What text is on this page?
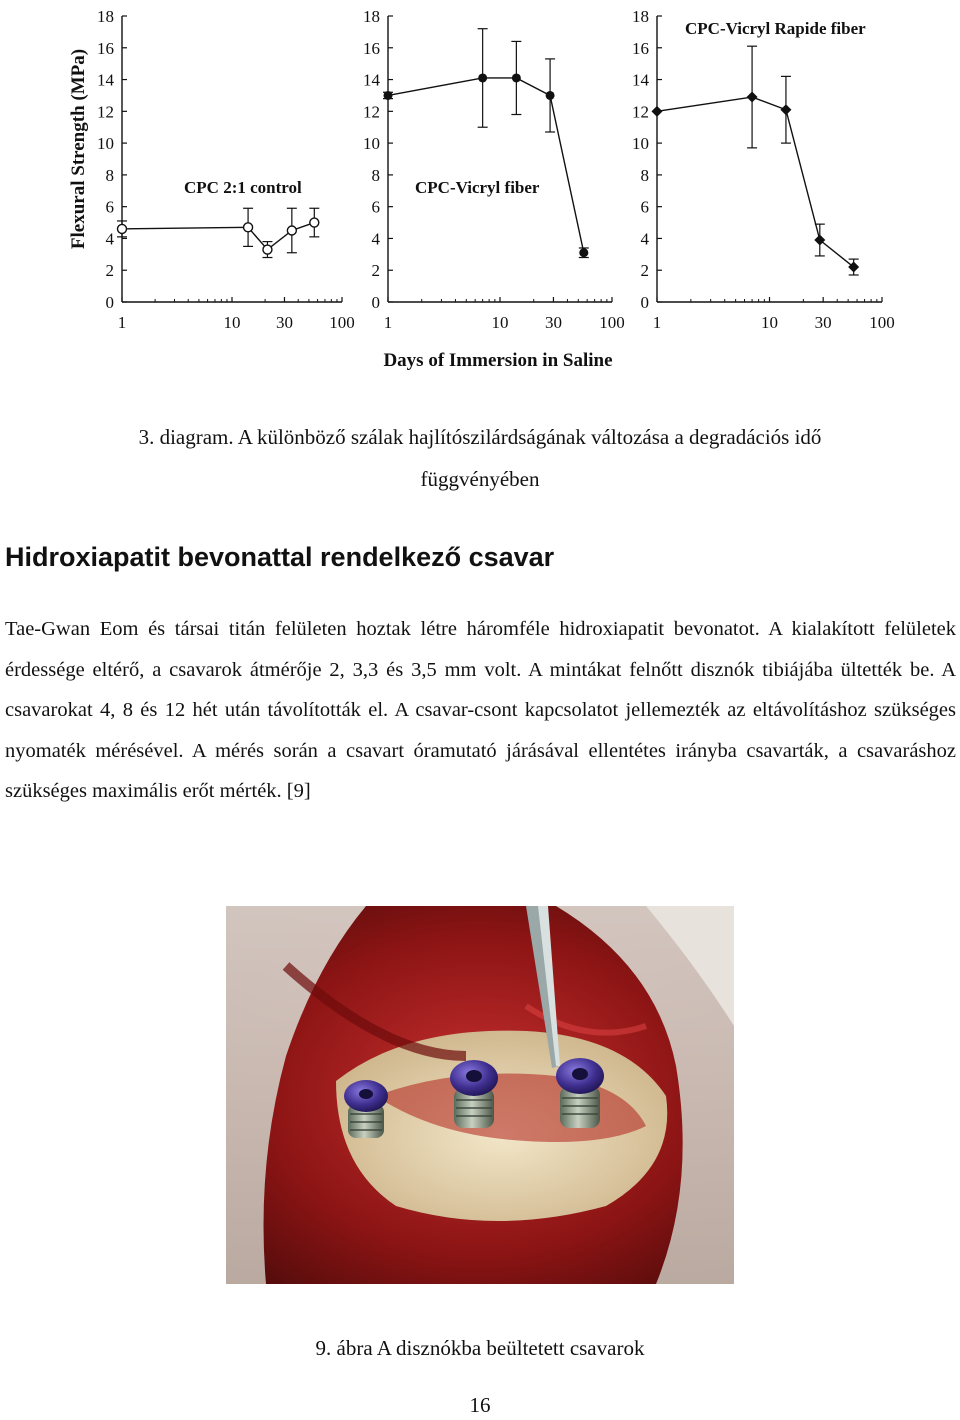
0
2
4
6
8
10
12
14
16
18
1	10 30 100
CPC 2:1 control
Flexural Strength (MPa)
0
2
4
6
8
10
12
14
16
18
1	10 30 100
CPC-Vicryl fiber
0
2
4
6
8
10
12
14
16
18
1	10 30 100
CPC-Vicryl Rapide fiber
Days of Immersion in Saline
3. diagram. A különböző szálak hajlítószilárdságának változása a degradációs idő
függvényében
Hidroxiapatit bevonattal rendelkező csavar

Tae-Gwan Eom és társai titán felületen hoztak létre háromféle hidroxiapatit bevonatot. A kialakított felületek érdessége eltérő, a csavarok átmérője 2, 3,3 és 3,5 mm volt. A mintákat felnőtt disznók tibiájába ültették be. A csavarokat 4, 8 és 12 hét után távolították el. A csavar-csont kapcsolatot jellemezték az eltávolításhoz szükséges nyomaték mérésével. A mérés során a csavart óramutató járásával ellentétes irányba csavarták, a csavaráshoz szükséges maximális erőt mérték. [9]

9. ábra A disznókba beültetett csavarok
16
